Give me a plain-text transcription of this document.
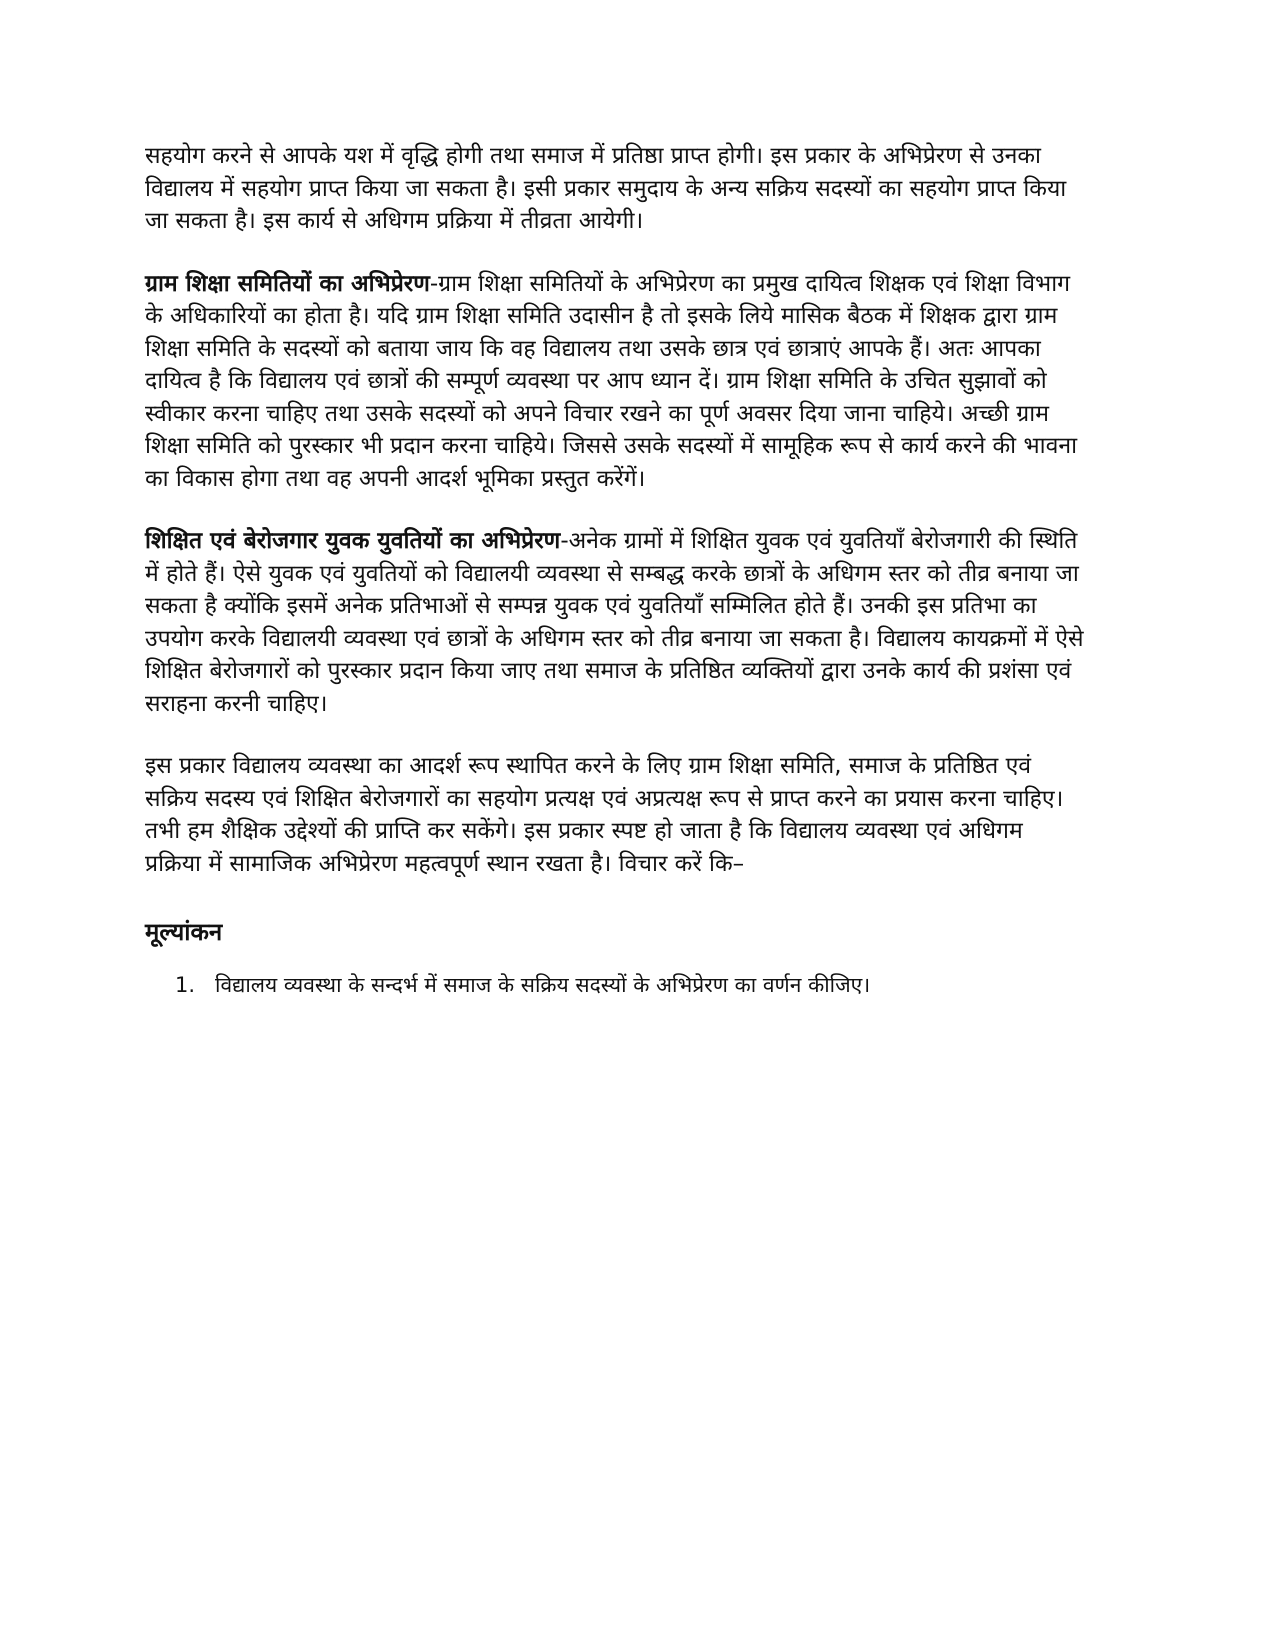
सहयोग करने से आपके यश में वृद्धि होगी तथा समाज में प्रतिष्ठा प्राप्त होगी। इस प्रकार के अभिप्रेरण से उनका विद्यालय में सहयोग प्राप्त किया जा सकता है। इसी प्रकार समुदाय के अन्य सक्रिय सदस्यों का सहयोग प्राप्त किया जा सकता है। इस कार्य से अधिगम प्रक्रिया में तीव्रता आयेगी।

ग्राम शिक्षा समितियों का अभिप्रेरण-ग्राम शिक्षा समितियों के अभिप्रेरण का प्रमुख दायित्व शिक्षक एवं शिक्षा विभाग के अधिकारियों का होता है। यदि ग्राम शिक्षा समिति उदासीन है तो इसके लिये मासिक बैठक में शिक्षक द्वारा ग्राम शिक्षा समिति के सदस्यों को बताया जाय कि वह विद्यालय तथा उसके छात्र एवं छात्राएं आपके हैं। अतः आपका दायित्व है कि विद्यालय एवं छात्रों की सम्पूर्ण व्यवस्था पर आप ध्यान दें। ग्राम शिक्षा समिति के उचित सुझावों को स्वीकार करना चाहिए तथा उसके सदस्यों को अपने विचार रखने का पूर्ण अवसर दिया जाना चाहिये। अच्छी ग्राम शिक्षा समिति को पुरस्कार भी प्रदान करना चाहिये। जिससे उसके सदस्यों में सामूहिक रूप से कार्य करने की भावना का विकास होगा तथा वह अपनी आदर्श भूमिका प्रस्तुत करेंगें।

शिक्षित एवं बेरोजगार युवक युवतियों का अभिप्रेरण-अनेक ग्रामों में शिक्षित युवक एवं युवतियाँ बेरोजगारी की स्थिति में होते हैं। ऐसे युवक एवं युवतियों को विद्यालयी व्यवस्था से सम्बद्ध करके छात्रों के अधिगम स्तर को तीव्र बनाया जा सकता है क्योंकि इसमें अनेक प्रतिभाओं से सम्पन्न युवक एवं युवतियाँ सम्मिलित होते हैं। उनकी इस प्रतिभा का उपयोग करके विद्यालयी व्यवस्था एवं छात्रों के अधिगम स्तर को तीव्र बनाया जा सकता है। विद्यालय कायक्रमों में ऐसे शिक्षित बेरोजगारों को पुरस्कार प्रदान किया जाए तथा समाज के प्रतिष्ठित व्यक्तियों द्वारा उनके कार्य की प्रशंसा एवं सराहना करनी चाहिए।

इस प्रकार विद्यालय व्यवस्था का आदर्श रूप स्थापित करने के लिए ग्राम शिक्षा समिति, समाज के प्रतिष्ठित एवं सक्रिय सदस्य एवं शिक्षित बेरोजगारों का सहयोग प्रत्यक्ष एवं अप्रत्यक्ष रूप से प्राप्त करने का प्रयास करना चाहिए। तभी हम शैक्षिक उद्देश्यों की प्राप्ति कर सकेंगे। इस प्रकार स्पष्ट हो जाता है कि विद्यालय व्यवस्था एवं अधिगम प्रक्रिया में सामाजिक अभिप्रेरण महत्वपूर्ण स्थान रखता है। विचार करें कि–

मूल्यांकन
1. विद्यालय व्यवस्था के सन्दर्भ में समाज के सक्रिय सदस्यों के अभिप्रेरण का वर्णन कीजिए।
